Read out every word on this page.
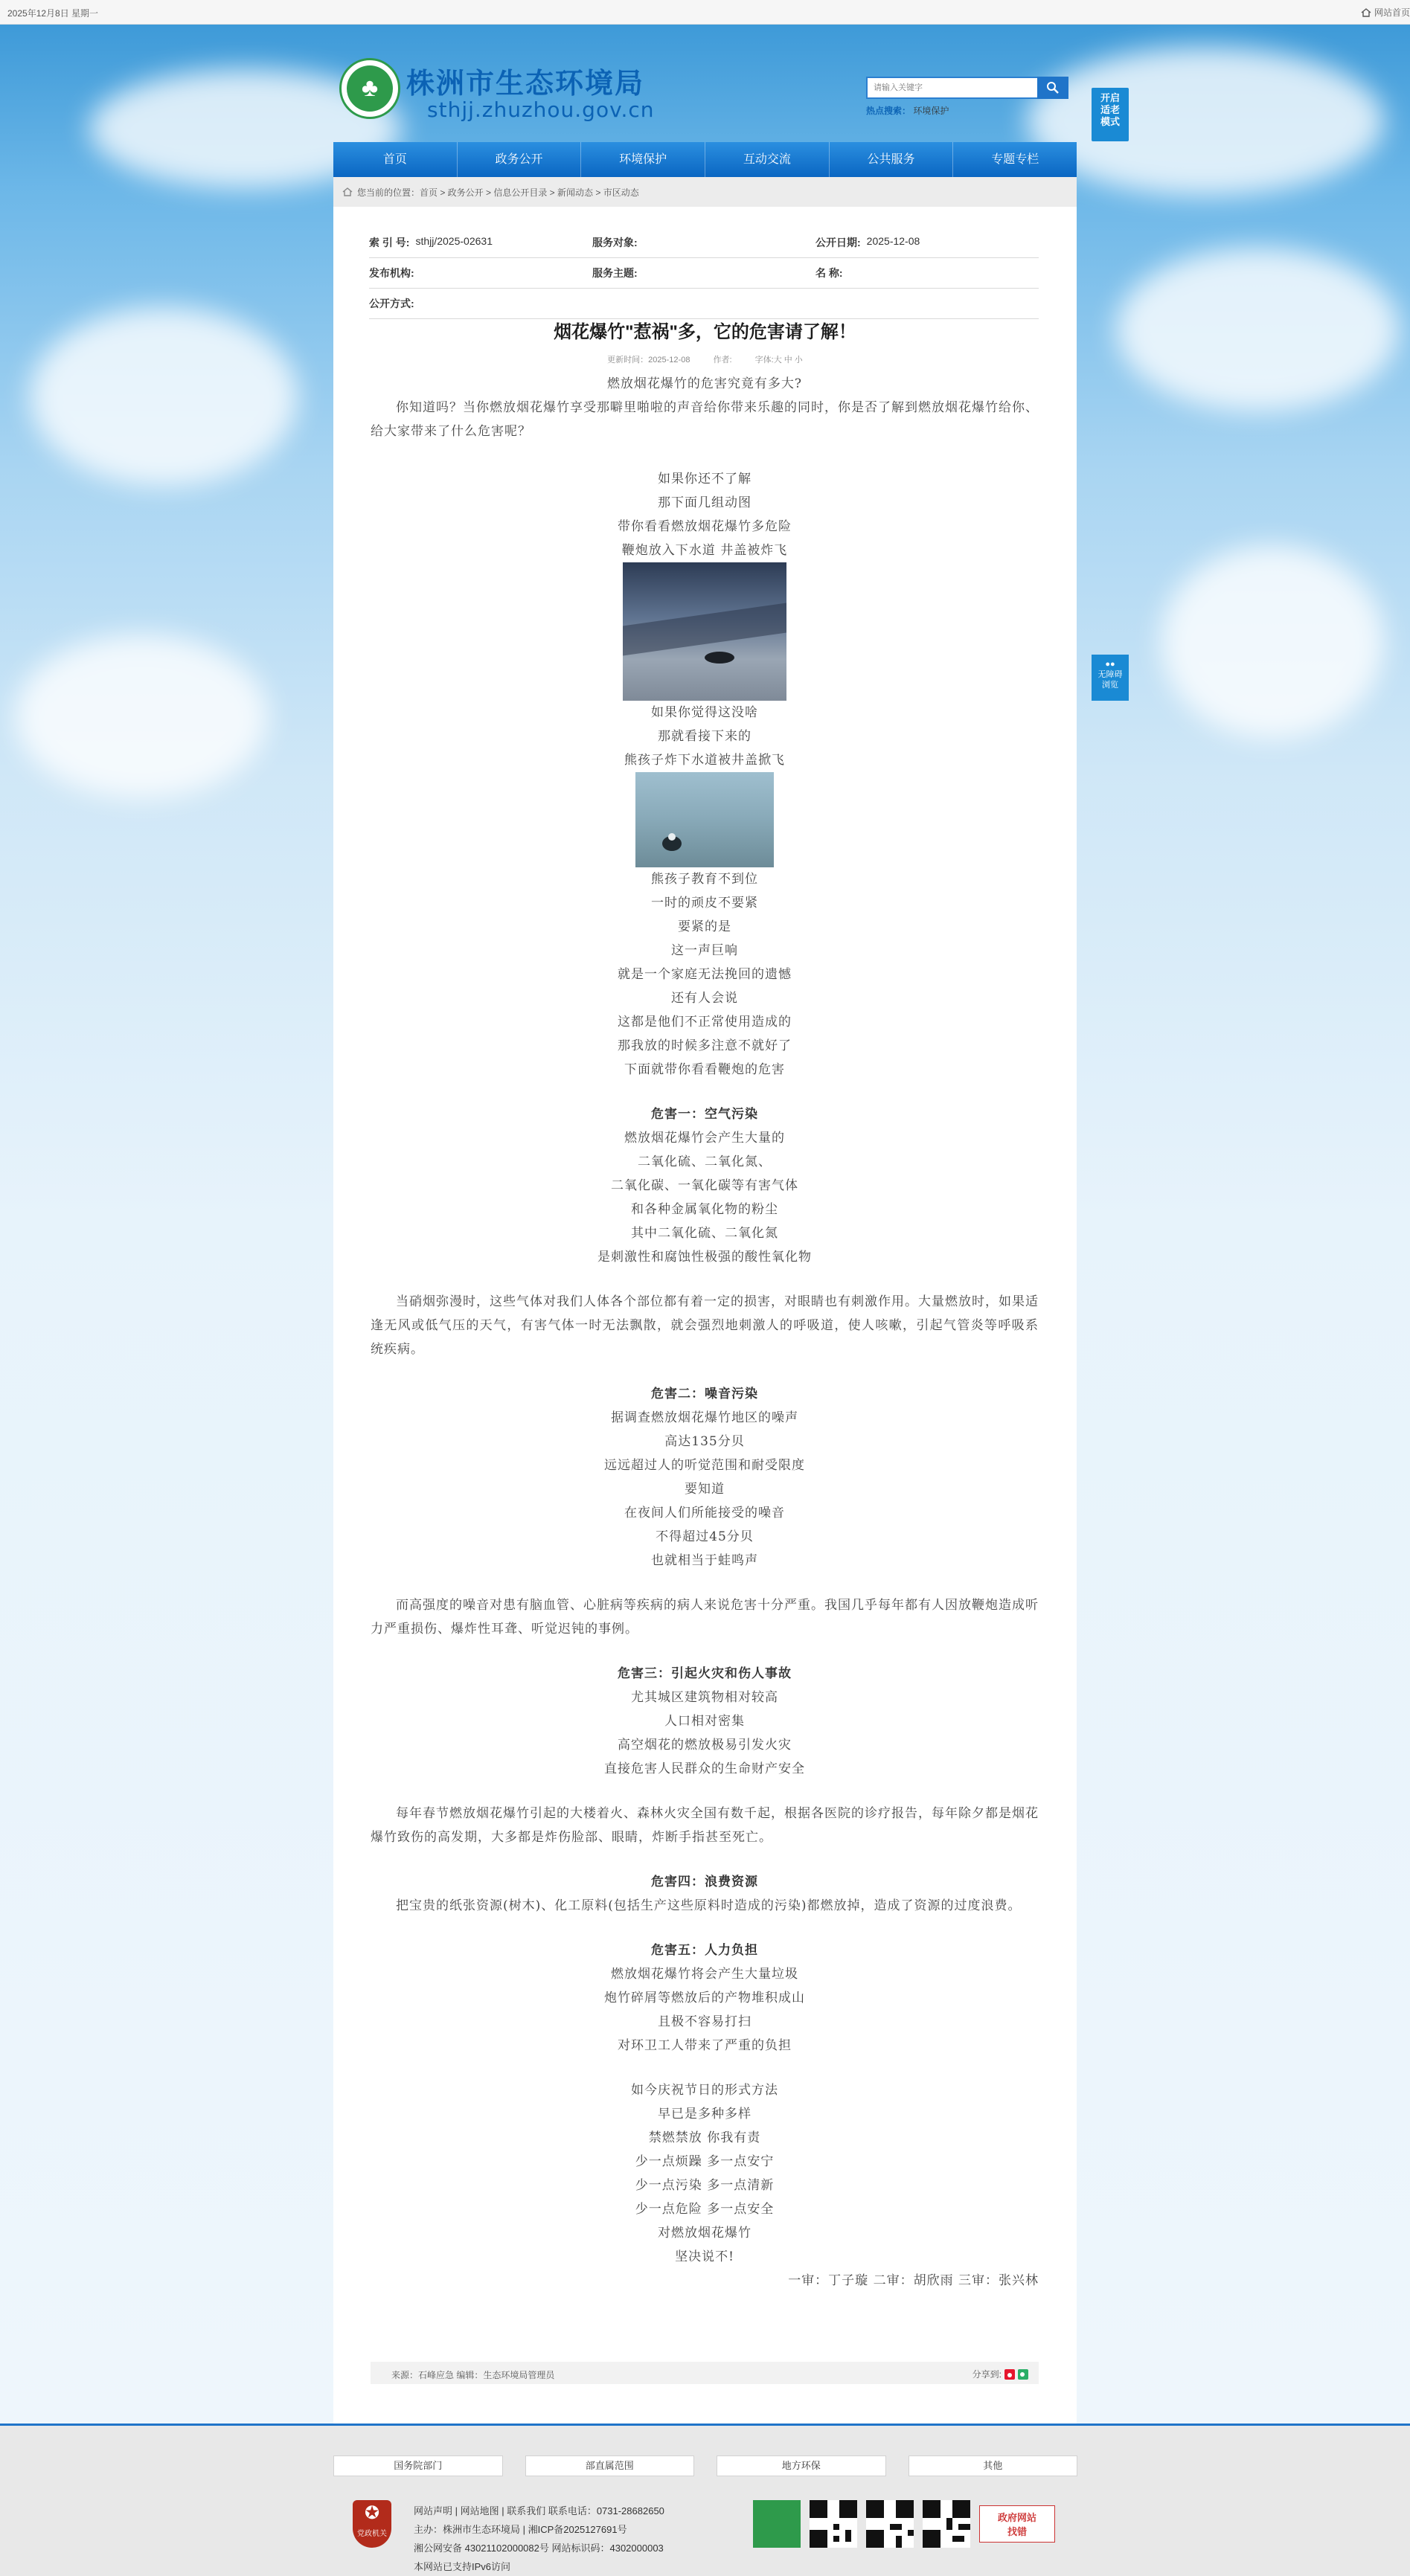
2025年12月8日 星期一	网站首页
♣ 株洲市生态环境局
sthjj.zhuzhou.gov.cn
请输入关键字	热点搜索： 环境保护
开启
适老
模式
首页	政务公开	环境保护	互动交流	公共服务	专题专栏
您当前的位置：首页 > 政务公开 > 信息公开目录 > 新闻动态 > 市区动态
索 引 号: sthjj/2025-02631	服务对象:	公开日期: 2025-12-08
发布机构:	服务主题:	名 称:
公开方式:
烟花爆竹"惹祸"多，它的危害请了解！
更新时间：2025-12-08	作者:	字体:大 中 小
燃放烟花爆竹的危害究竟有多大?
你知道吗？当你燃放烟花爆竹享受那噼里啪啦的声音给你带来乐趣的同时，你是否了解到燃放烟花爆竹给你、给大家带来了什么危害呢？
如果你还不了解
那下面几组动图
带你看看燃放烟花爆竹多危险
鞭炮放入下水道 井盖被炸飞
如果你觉得这没啥
那就看接下来的
熊孩子炸下水道被井盖掀飞
熊孩子教育不到位
一时的顽皮不要紧
要紧的是
这一声巨响
就是一个家庭无法挽回的遗憾
还有人会说
这都是他们不正常使用造成的
那我放的时候多注意不就好了
下面就带你看看鞭炮的危害
危害一：空气污染
燃放烟花爆竹会产生大量的
二氧化硫、二氧化氮、
二氧化碳、一氧化碳等有害气体
和各种金属氧化物的粉尘
其中二氧化硫、二氧化氮
是刺激性和腐蚀性极强的酸性氧化物
当硝烟弥漫时，这些气体对我们人体各个部位都有着一定的损害，对眼睛也有刺激作用。大量燃放时，如果适逢无风或低气压的天气，有害气体一时无法飘散，就会强烈地刺激人的呼吸道，使人咳嗽，引起气管炎等呼吸系统疾病。
危害二：噪音污染
据调查燃放烟花爆竹地区的噪声
高达135分贝
远远超过人的听觉范围和耐受限度
要知道
在夜间人们所能接受的噪音
不得超过45分贝
也就相当于蛙鸣声
而高强度的噪音对患有脑血管、心脏病等疾病的病人来说危害十分严重。我国几乎每年都有人因放鞭炮造成听力严重损伤、爆炸性耳聋、听觉迟钝的事例。
危害三：引起火灾和伤人事故
尤其城区建筑物相对较高
人口相对密集
高空烟花的燃放极易引发火灾
直接危害人民群众的生命财产安全
每年春节燃放烟花爆竹引起的大楼着火、森林火灾全国有数千起，根据各医院的诊疗报告，每年除夕都是烟花爆竹致伤的高发期，大多都是炸伤脸部、眼睛，炸断手指甚至死亡。
危害四：浪费资源
把宝贵的纸张资源(树木)、化工原料(包括生产这些原料时造成的污染)都燃放掉，造成了资源的过度浪费。
危害五：人力负担
燃放烟花爆竹将会产生大量垃圾
炮竹碎屑等燃放后的产物堆积成山
且极不容易打扫
对环卫工人带来了严重的负担
如今庆祝节日的形式方法
早已是多种多样
禁燃禁放 你我有责
少一点烦躁 多一点安宁
少一点污染 多一点清新
少一点危险 多一点安全
对燃放烟花爆竹
坚决说不!
一审：丁子璇 二审：胡欣雨 三审：张兴林
来源：石峰应急 编辑：生态环境局管理员	分享到:
●●
无障碍
浏览
国务院部门	部直属范围	地方环保	其他
✪
党政机关
网站声明 | 网站地图 | 联系我们 联系电话：0731-28682650
主办：株洲市生态环境局 | 湘ICP备2025127691号
湘公网安备 43021102000082号 网站标识码：4302000003
本网站已支持IPv6访问
政府网站
找错
